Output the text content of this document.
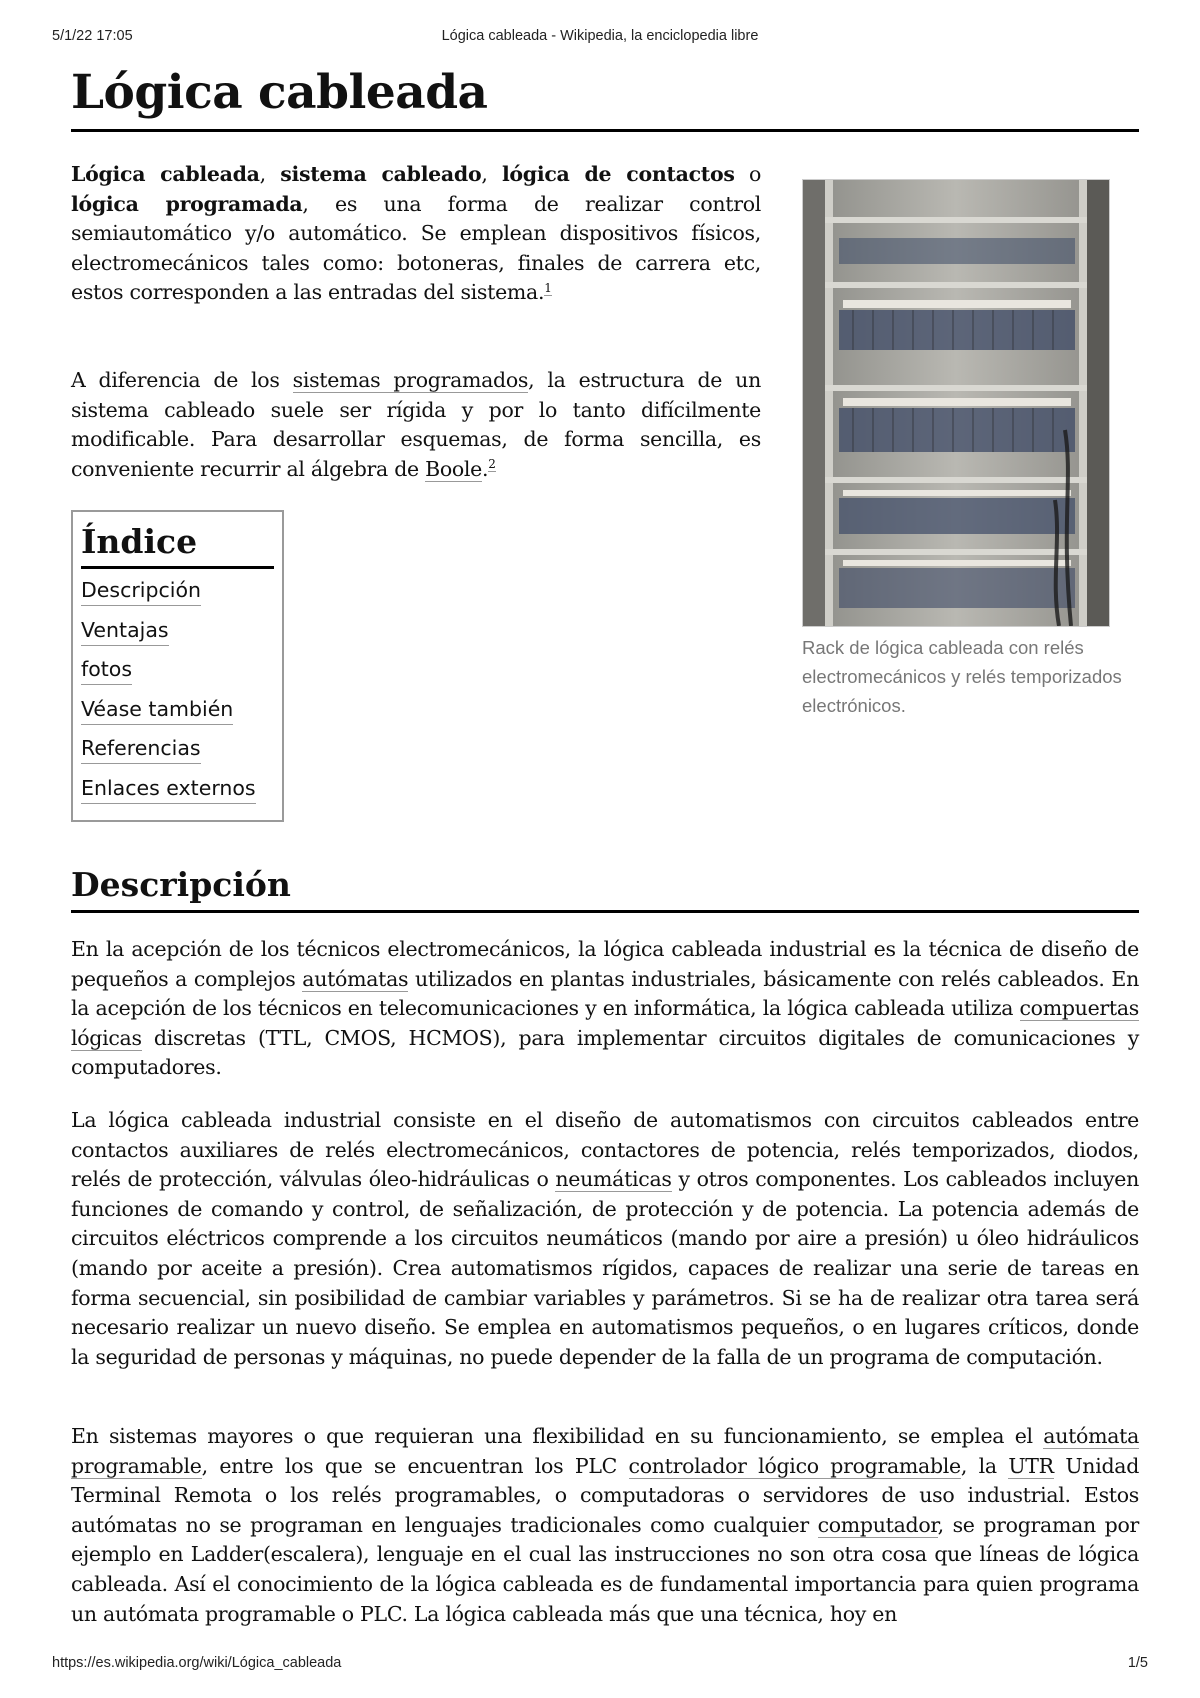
5/1/22 17:05	Lógica cableada - Wikipedia, la enciclopedia libre
Lógica cableada

Lógica cableada, sistema cableado, lógica de contactos o lógica programada, es una forma de realizar control semiautomático y/o automático. Se emplean dispositivos físicos, electromecánicos tales como: botoneras, finales de carrera etc, estos corresponden a las entradas del sistema.$^1$

A diferencia de los sistemas programados, la estructura de un sistema cableado suele ser rígida y por lo tanto difícilmente modificable. Para desarrollar esquemas, de forma sencilla, es conveniente recurrir al álgebra de Boole.$^2$

Índice
Descripción
Ventajas
fotos
Véase también
Referencias
Enlaces externos
Rack de lógica cableada con relés electromecánicos y relés temporizados electrónicos.
Descripción

En la acepción de los técnicos electromecánicos, la lógica cableada industrial es la técnica de diseño de pequeños a complejos autómatas utilizados en plantas industriales, básicamente con relés cableados. En la acepción de los técnicos en telecomunicaciones y en informática, la lógica cableada utiliza compuertas lógicas discretas (TTL, CMOS, HCMOS), para implementar circuitos digitales de comunicaciones y computadores.

La lógica cableada industrial consiste en el diseño de automatismos con circuitos cableados entre contactos auxiliares de relés electromecánicos, contactores de potencia, relés temporizados, diodos, relés de protección, válvulas óleo-hidráulicas o neumáticas y otros componentes. Los cableados incluyen funciones de comando y control, de señalización, de protección y de potencia. La potencia además de circuitos eléctricos comprende a los circuitos neumáticos (mando por aire a presión) u óleo hidráulicos (mando por aceite a presión). Crea automatismos rígidos, capaces de realizar una serie de tareas en forma secuencial, sin posibilidad de cambiar variables y parámetros. Si se ha de realizar otra tarea será necesario realizar un nuevo diseño. Se emplea en automatismos pequeños, o en lugares críticos, donde la seguridad de personas y máquinas, no puede depender de la falla de un programa de computación.

En sistemas mayores o que requieran una flexibilidad en su funcionamiento, se emplea el autómata programable, entre los que se encuentran los PLC controlador lógico programable, la UTR Unidad Terminal Remota o los relés programables, o computadoras o servidores de uso industrial. Estos autómatas no se programan en lenguajes tradicionales como cualquier computador, se programan por ejemplo en Ladder(escalera), lenguaje en el cual las instrucciones no son otra cosa que líneas de lógica cableada. Así el conocimiento de la lógica cableada es de fundamental importancia para quien programa un autómata programable o PLC. La lógica cableada más que una técnica, hoy en

https://es.wikipedia.org/wiki/Lógica_cableada	1/5
